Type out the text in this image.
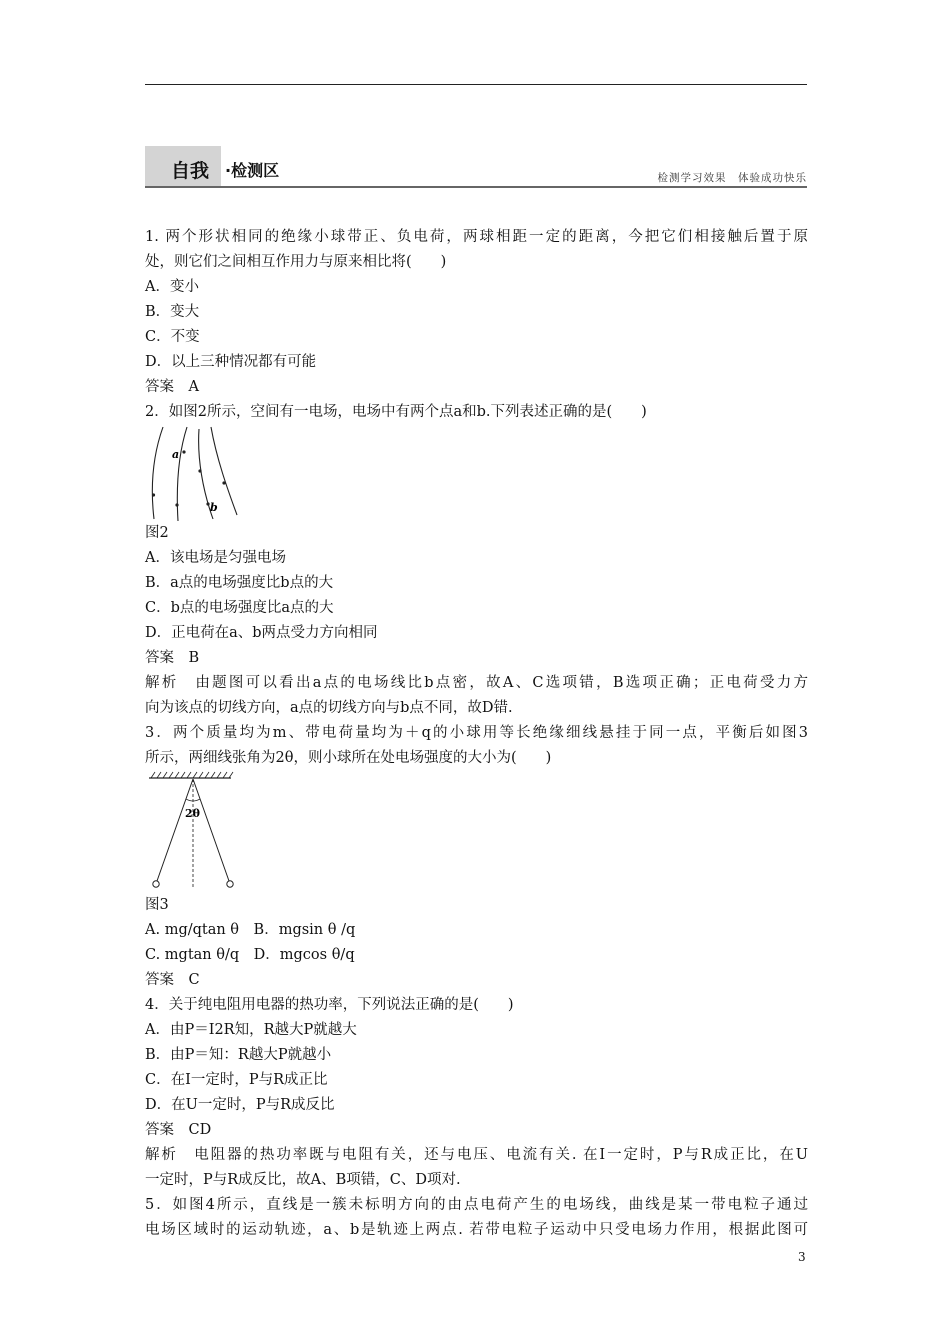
自我 ·检测区	检测学习效果　体验成功快乐
1. 两个形状相同的绝缘小球带正、负电荷，两球相距一定的距离，今把它们相接触后置于原
处，则它们之间相互作用力与原来相比将(　　)
A．变小
B．变大
C．不变
D．以上三种情况都有可能
答案　A
2．如图2所示，空间有一电场，电场中有两个点a和b.下列表述正确的是(　　)
a
b
图2
A．该电场是匀强电场
B．a点的电场强度比b点的大
C．b点的电场强度比a点的大
D．正电荷在a、b两点受力方向相同
答案　B
解析　由题图可以看出a点的电场线比b点密，故A、C选项错，B选项正确；正电荷受力方
向为该点的切线方向，a点的切线方向与b点不同，故D错.
3．两个质量均为m、带电荷量均为＋q的小球用等长绝缘细线悬挂于同一点，平衡后如图3
所示，两细线张角为2θ，则小球所在处电场强度的大小为(　　)
2θ
图3
A. mg/qtan θ　B．mgsin θ /q
C. mgtan θ/q　D．mgcos θ/q
答案　C
4．关于纯电阻用电器的热功率，下列说法正确的是(　　)
A．由P＝I2R知，R越大P就越大
B．由P＝知：R越大P就越小
C．在I一定时，P与R成正比
D．在U一定时，P与R成反比
答案　CD
解析　电阻器的热功率既与电阻有关，还与电压、电流有关. 在I一定时，P与R成正比，在U
一定时，P与R成反比，故A、B项错，C、D项对.
5．如图4所示，直线是一簇未标明方向的由点电荷产生的电场线，曲线是某一带电粒子通过
电场区域时的运动轨迹，a、b是轨迹上两点. 若带电粒子运动中只受电场力作用，根据此图可
3
